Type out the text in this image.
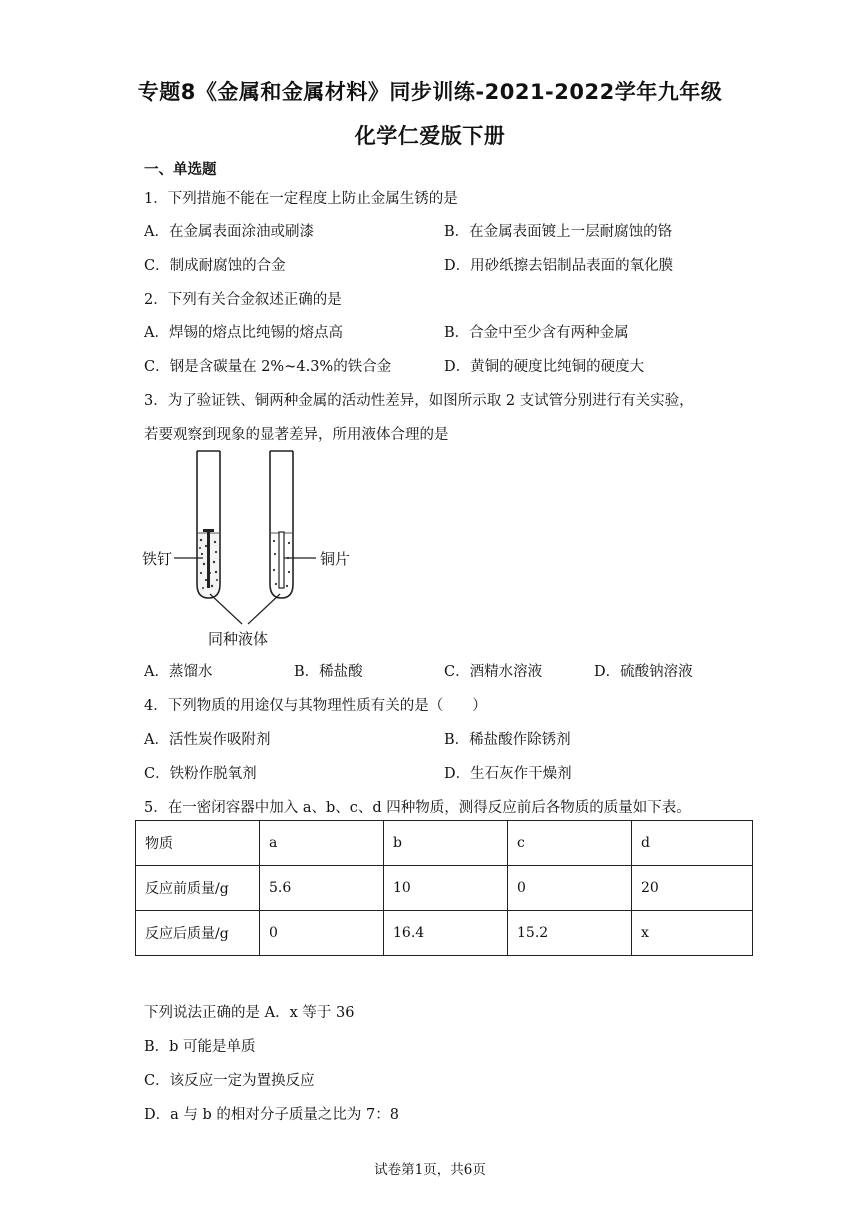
专题8《金属和金属材料》同步训练-2021-2022学年九年级
化学仁爱版下册
一、单选题
1．下列措施不能在一定程度上防止金属生锈的是
A．在金属表面涂油或刷漆	B．在金属表面镀上一层耐腐蚀的铬
C．制成耐腐蚀的合金	D．用砂纸擦去铝制品表面的氧化膜
2．下列有关合金叙述正确的是
A．焊锡的熔点比纯锡的熔点高	B．合金中至少含有两种金属
C．钢是含碳量在 2%~4.3%的铁合金	D．黄铜的硬度比纯铜的硬度大
3．为了验证铁、铜两种金属的活动性差异，如图所示取 2 支试管分别进行有关实验，
若要观察到现象的显著差异，所用液体合理的是
铁钉	铜片
同种液体
A．蒸馏水	B．稀盐酸	C．酒精水溶液	D．硫酸钠溶液
4．下列物质的用途仅与其物理性质有关的是（　　）
A．活性炭作吸附剂	B．稀盐酸作除锈剂
C．铁粉作脱氧剂	D．生石灰作干燥剂
5．在一密闭容器中加入 a、b、c、d 四种物质，测得反应前后各物质的质量如下表。
物质	a	b	c	d
反应前质量/g	5.6	10	0	20
反应后质量/g	0	16.4	15.2	x
下列说法正确的是 A．x 等于 36
B．b 可能是单质
C．该反应一定为置换反应
D．a 与 b 的相对分子质量之比为 7：8
试卷第1页，共6页
